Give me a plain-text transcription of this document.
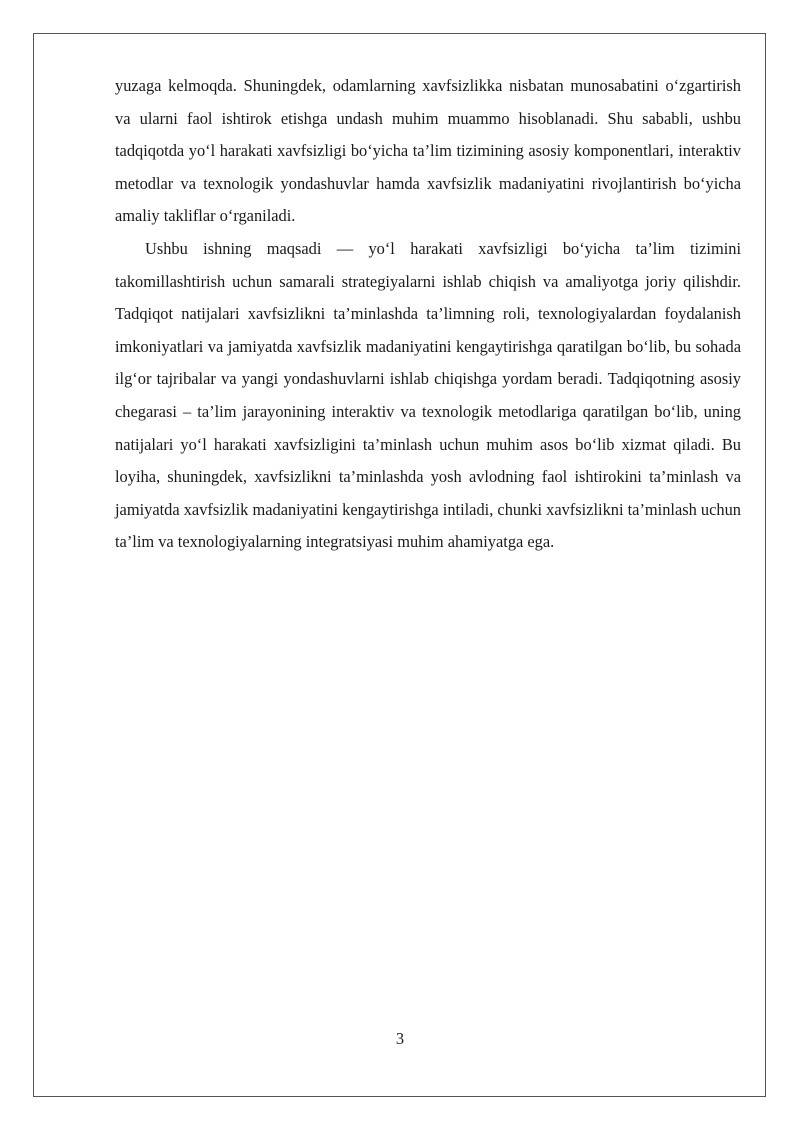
yuzaga kelmoqda. Shuningdek, odamlarning xavfsizlikka nisbatan munosabatini o‘zgartirish va ularni faol ishtirok etishga undash muhim muammo hisoblanadi. Shu sababli, ushbu tadqiqotda yo‘l harakati xavfsizligi bo‘yicha ta’lim tizimining asosiy komponentlari, interaktiv metodlar va texnologik yondashuvlar hamda xavfsizlik madaniyatini rivojlantirish bo‘yicha amaliy takliflar o‘rganiladi.

Ushbu ishning maqsadi — yo‘l harakati xavfsizligi bo‘yicha ta’lim tizimini takomillashtirish uchun samarali strategiyalarni ishlab chiqish va amaliyotga joriy qilishdir. Tadqiqot natijalari xavfsizlikni ta’minlashda ta’limning roli, texnologiyalardan foydalanish imkoniyatlari va jamiyatda xavfsizlik madaniyatini kengaytirishga qaratilgan bo‘lib, bu sohada ilg‘or tajribalar va yangi yondashuvlarni ishlab chiqishga yordam beradi. Tadqiqotning asosiy chegarasi – ta’lim jarayonining interaktiv va texnologik metodlariga qaratilgan bo‘lib, uning natijalari yo‘l harakati xavfsizligini ta’minlash uchun muhim asos bo‘lib xizmat qiladi. Bu loyiha, shuningdek, xavfsizlikni ta’minlashda yosh avlodning faol ishtirokini ta’minlash va jamiyatda xavfsizlik madaniyatini kengaytirishga intiladi, chunki xavfsizlikni ta’minlash uchun ta’lim va texnologiyalarning integratsiyasi muhim ahamiyatga ega.

3
